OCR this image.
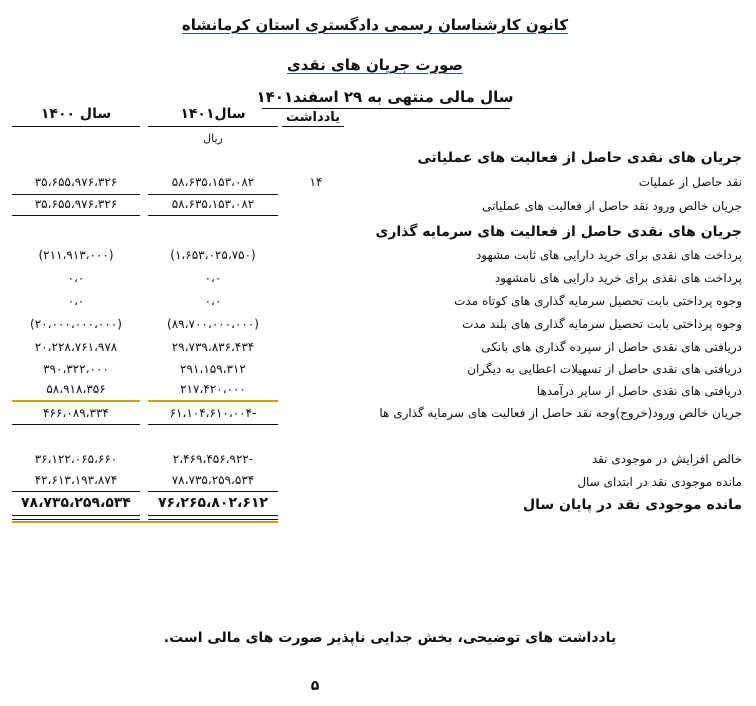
کانون کارشناسان رسمی دادگستری استان کرمانشاه
صورت جریان های نقدی
سال مالی منتهی به ۲۹ اسفند۱۴۰۱
سال ۱۴۰۰	سال۱۴۰۱	یادداشت
ریال
جریان های نقدی حاصل از فعالیت های عملیاتی
نقد حاصل از عملیات
۱۴
۵۸،۶۳۵،۱۵۳،۰۸۲
۳۵،۶۵۵،۹۷۶،۳۲۶
جریان خالص ورود نقد حاصل از فعالیت های عملیاتی
۵۸،۶۳۵،۱۵۳،۰۸۲
۳۵،۶۵۵،۹۷۶،۳۲۶
جریان های نقدی حاصل از فعالیت های سرمایه گذاری
پرداخت های نقدی برای خرید دارایی های ثابت مشهود
(۱،۶۵۳،۰۲۵،۷۵۰)
(۲۱۱،۹۱۳،۰۰۰)
پرداخت های نقدی برای خرید دارایی های نامشهود
۰،۰
۰،۰
وجوه پرداختی بابت تحصیل سرمایه گذاری های کوتاه مدت
۰،۰
۰،۰
وجوه پرداختی بابت تحصیل سرمایه گذاری های بلند مدت
(۸۹،۷۰۰،۰۰۰،۰۰۰)
(۲۰،۰۰۰،۰۰۰،۰۰۰)
دریافتی های نقدی حاصل از سپرده گذاری های بانکی
۲۹،۷۳۹،۸۳۶،۴۳۴
۲۰،۲۲۸،۷۶۱،۹۷۸
دریافتی های نقدی حاصل از تسهیلات اعطایی به دیگران
۲۹۱،۱۵۹،۳۱۲
۳۹۰،۳۲۲،۰۰۰
دریافتی های نقدی حاصل از سایر درآمدها
۲۱۷،۴۲۰،۰۰۰
۵۸،۹۱۸،۳۵۶
جریان خالص ورود(خروج)وجه نقد حاصل از فعالیت های سرمایه گذاری ها
۶۱،۱۰۴،۶۱۰،۰۰۴-
۴۶۶،۰۸۹،۳۳۴
خالص افزایش در موجودی نقد
۲،۴۶۹،۴۵۶،۹۲۲-
۳۶،۱۲۲،۰۶۵،۶۶۰
مانده موجودی نقد در ابتدای سال
۷۸،۷۳۵،۲۵۹،۵۳۴
۴۲،۶۱۳،۱۹۳،۸۷۴
مانده موجودی نقد در پایان سال
۷۶،۲۶۵،۸۰۲،۶۱۲
۷۸،۷۳۵،۲۵۹،۵۳۴
یادداشت های توضیحی، بخش جدایی ناپذیر صورت های مالی است.
۵
